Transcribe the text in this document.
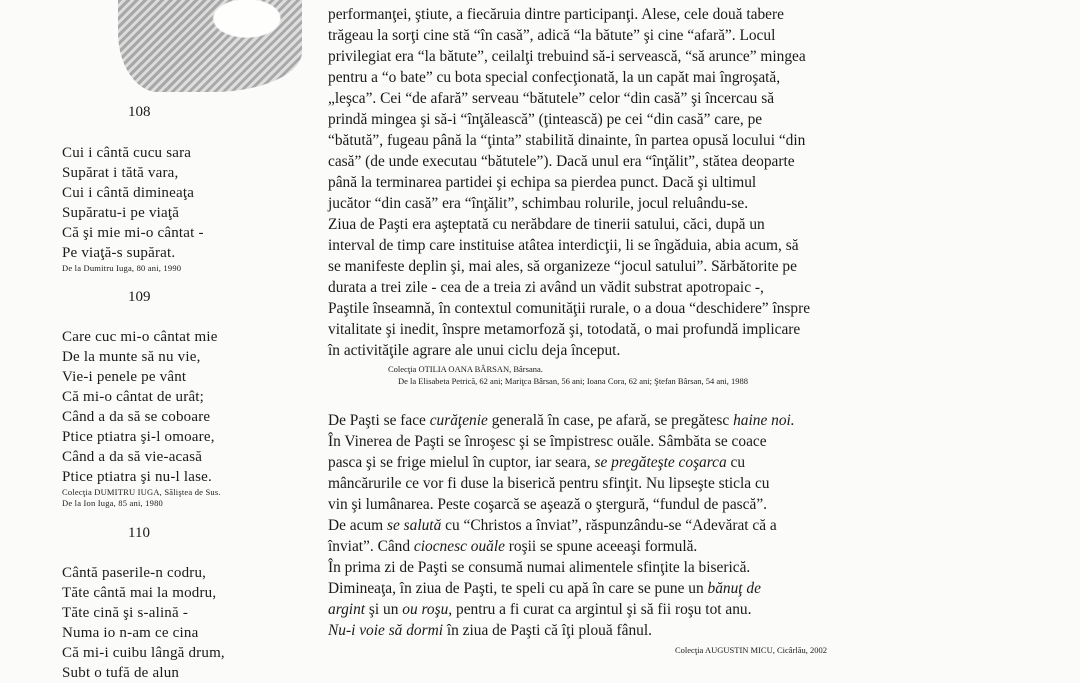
108
Cui i cântă cucu sara
Supărat i tătă vara,
Cui i cântă dimineaţa
Supăratu-i pe viaţă
Că şi mie mi-o cântat -
Pe viaţă-s supărat.
De la Dumitru Iuga, 80 ani, 1990
109
Care cuc mi-o cântat mie
De la munte să nu vie,
Vie-i penele pe vânt
Că mi-o cântat de urât;
Când a da să se coboare
Ptice ptiatra şi-l omoare,
Când a da să vie-acasă
Ptice ptiatra şi nu-l lase.
Colecţia DUMITRU IUGA, Săliştea de Sus.
De la Ion Iuga, 85 ani, 1980
110
Cântă paserile-n codru,
Tăte cântă mai la modru,
Tăte cină şi s-alină -
Numa io n-am ce cina
Că mi-i cuibu lângă drum,
Subt o tufă de alun
performanţei, ştiute, a fiecăruia dintre participanţi. Alese, cele două tabere
trăgeau la sorţi cine stă “în casă”, adică “la bătute” şi cine “afară”. Locul
privilegiat era “la bătute”, ceilalţi trebuind să-i servească, “să arunce” mingea
pentru a “o bate” cu bota special confecţionată, la un capăt mai îngroşată,
„leşca”. Cei “de afară” serveau “bătutele” celor “din casă” şi încercau să
prindă mingea şi să-i “înţălească” (ţintească) pe cei “din casă” care, pe
“bătută”, fugeau până la “ţinta” stabilită dinainte, în partea opusă locului “din
casă” (de unde executau “bătutele”). Dacă unul era “înţălit”, stătea deoparte
până la terminarea partidei şi echipa sa pierdea punct. Dacă şi ultimul
jucător “din casă” era “înţălit”, schimbau rolurile, jocul reluându-se.
Ziua de Paşti era aşteptată cu nerăbdare de tinerii satului, căci, după un
interval de timp care instituise atâtea interdicţii, li se îngăduia, abia acum, să
se manifeste deplin şi, mai ales, să organizeze “jocul satului”. Sărbătorite pe
durata a trei zile - cea de a treia zi având un vădit substrat apotropaic -,
Paştile înseamnă, în contextul comunităţii rurale, o a doua “deschidere” înspre
vitalitate şi inedit, înspre metamorfoză şi, totodată, o mai profundă implicare
în activităţile agrare ale unui ciclu deja început.
Colecţia OTILIA OANA BÂRSAN, Bârsana.
De la Elisabeta Petrică, 62 ani; Mariţca Bârsan, 56 ani; Ioana Cora, 62 ani; Ştefan Bârsan, 54 ani, 1988
De Paşti se face curăţenie generală în case, pe afară, se pregătesc haine noi.
În Vinerea de Paşti se înroşesc şi se împistresc ouăle. Sâmbăta se coace
pasca şi se frige mielul în cuptor, iar seara, se pregăteşte coşarca cu
mâncărurile ce vor fi duse la biserică pentru sfinţit. Nu lipseşte sticla cu
vin şi lumânarea. Peste coşarcă se aşează o ştergură, “fundul de pască”.
De acum se salută cu “Christos a înviat”, răspunzându-se “Adevărat că a
înviat”. Când ciocnesc ouăle roşii se spune aceeaşi formulă.
În prima zi de Paşti se consumă numai alimentele sfinţite la biserică.
Dimineaţa, în ziua de Paşti, te speli cu apă în care se pune un bănuţ de
argint şi un ou roşu, pentru a fi curat ca argintul şi să fii roşu tot anu.
Nu-i voie să dormi în ziua de Paşti că îţi plouă fânul.
Colecţia AUGUSTIN MICU, Cicârlău, 2002
